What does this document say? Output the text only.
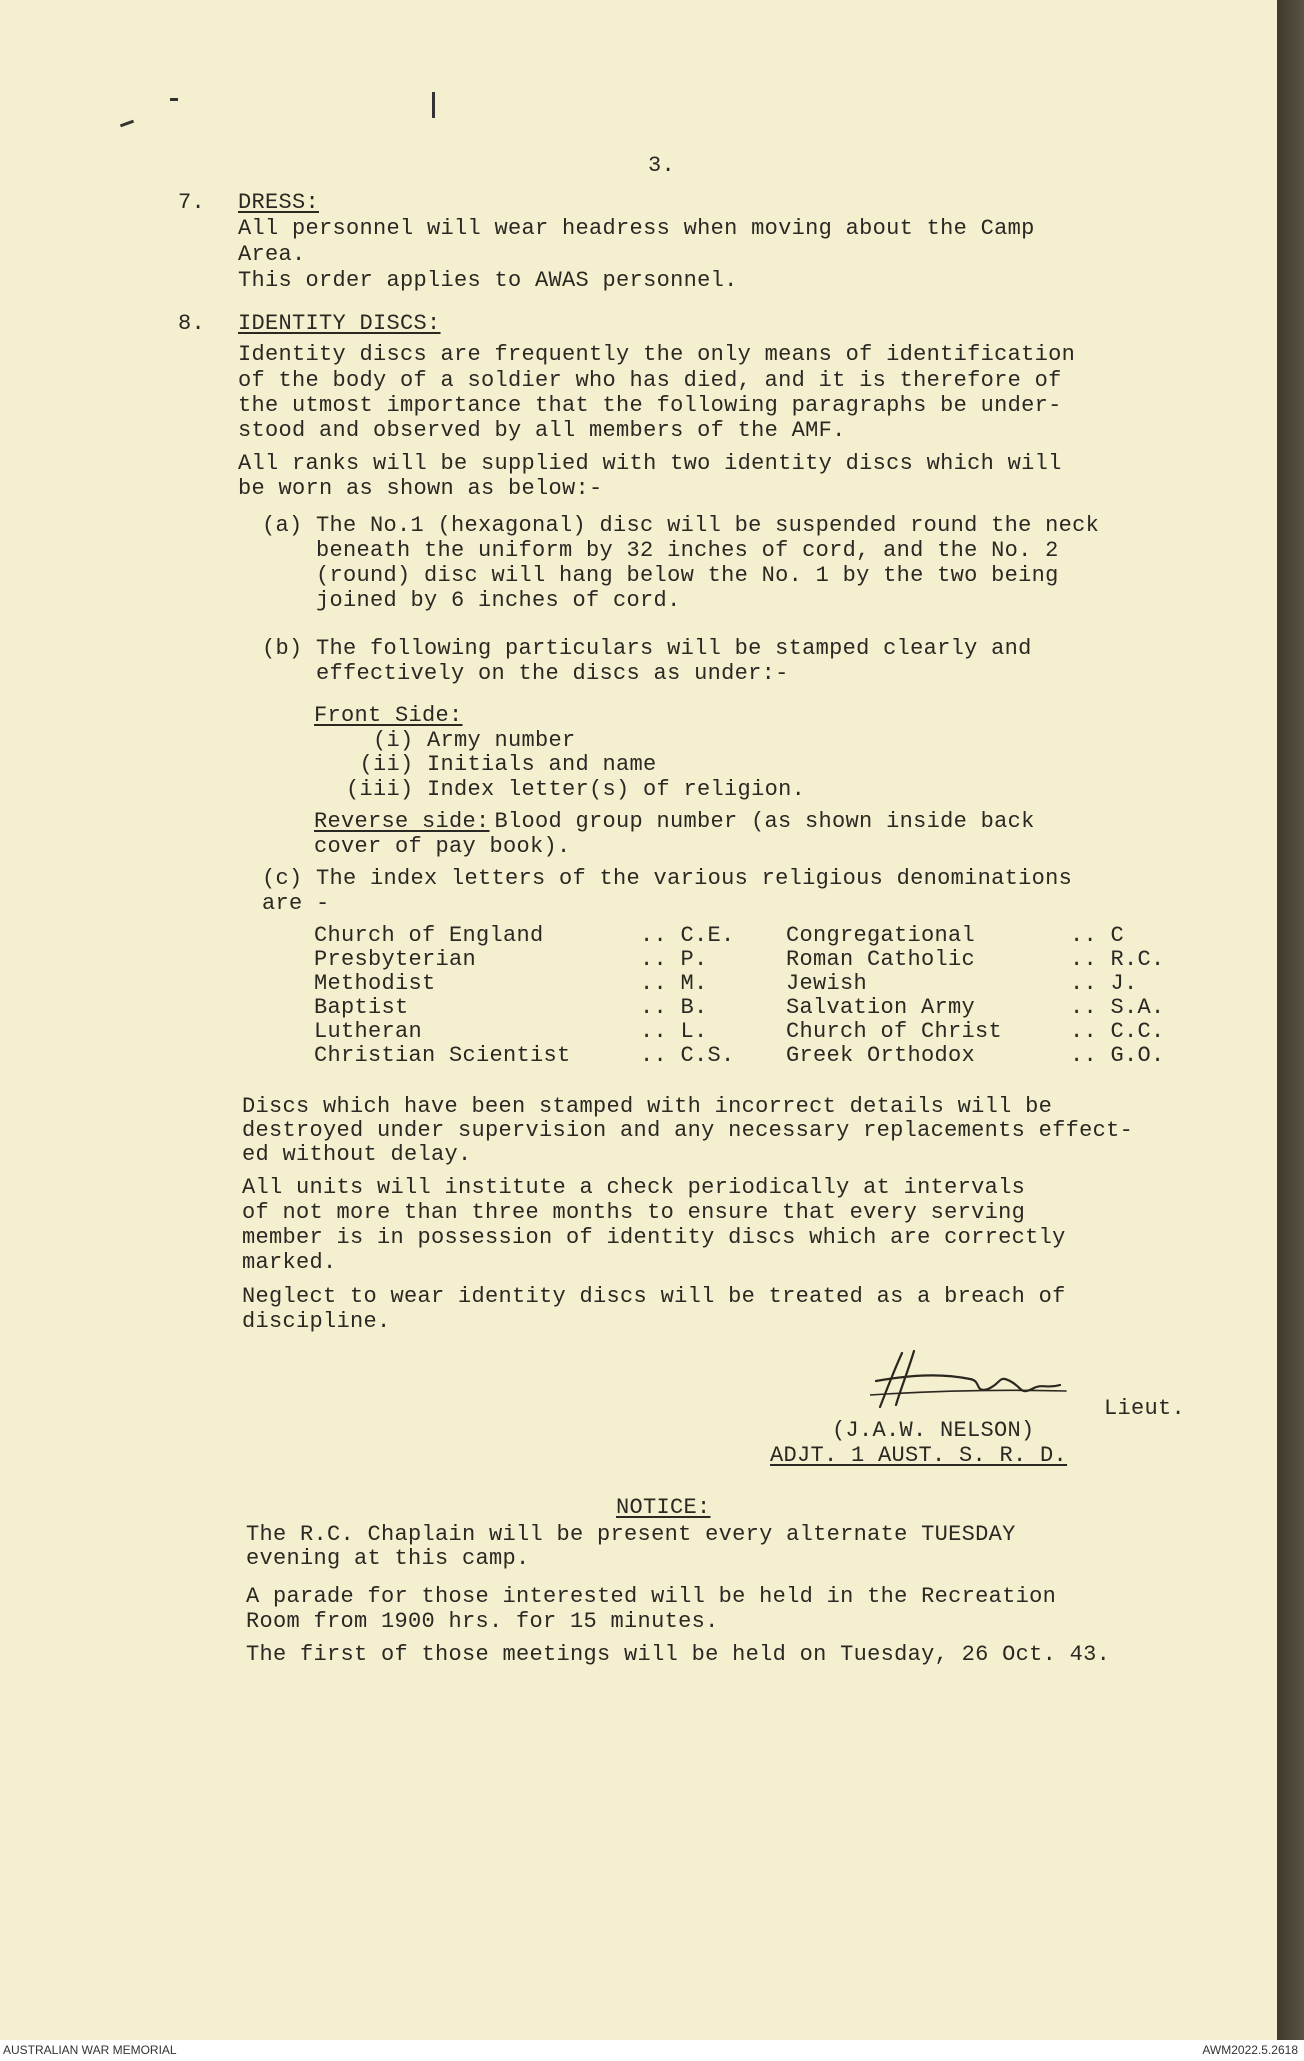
3.
7. DRESS:
All personnel will wear headress when moving about the Camp
Area.
This order applies to AWAS personnel.
8. IDENTITY DISCS:
Identity discs are frequently the only means of identification
of the body of a soldier who has died, and it is therefore of
the utmost importance that the following paragraphs be under-
stood and observed by all members of the AMF.
All ranks will be supplied with two identity discs which will
be worn as shown as below:-
(a) The No.1 (hexagonal) disc will be suspended round the neck
beneath the uniform by 32 inches of cord, and the No. 2
(round) disc will hang below the No. 1 by the two being
joined by 6 inches of cord.
(b) The following particulars will be stamped clearly and
effectively on the discs as under:-
Front Side:
(i) Army number
(ii) Initials and name
(iii) Index letter(s) of religion.
Reverse side:
Blood group number (as shown inside back
cover of pay book).
(c) The index letters of the various religious denominations
are -
Church of England	.. C.E. Congregational	.. C
Presbyterian	.. P.	Roman Catholic	.. R.C.
Methodist	.. M.	Jewish	.. J.
Baptist	.. B.	Salvation Army	.. S.A.
Lutheran	.. L.	Church of Christ	.. C.C.
Christian Scientist	.. C.S. Greek Orthodox	.. G.O.
Discs which have been stamped with incorrect details will be
destroyed under supervision and any necessary replacements effect-
ed without delay.
All units will institute a check periodically at intervals
of not more than three months to ensure that every serving
member is in possession of identity discs which are correctly
marked.
Neglect to wear identity discs will be treated as a breach of
discipline.
Lieut.
(J.A.W. NELSON)
ADJT. 1 AUST. S. R. D.
NOTICE:
The R.C. Chaplain will be present every alternate TUESDAY
evening at this camp.
A parade for those interested will be held in the Recreation
Room from 1900 hrs. for 15 minutes.
The first of those meetings will be held on Tuesday, 26 Oct. 43.
AUSTRALIAN WAR MEMORIAL	AWM2022.5.2618
